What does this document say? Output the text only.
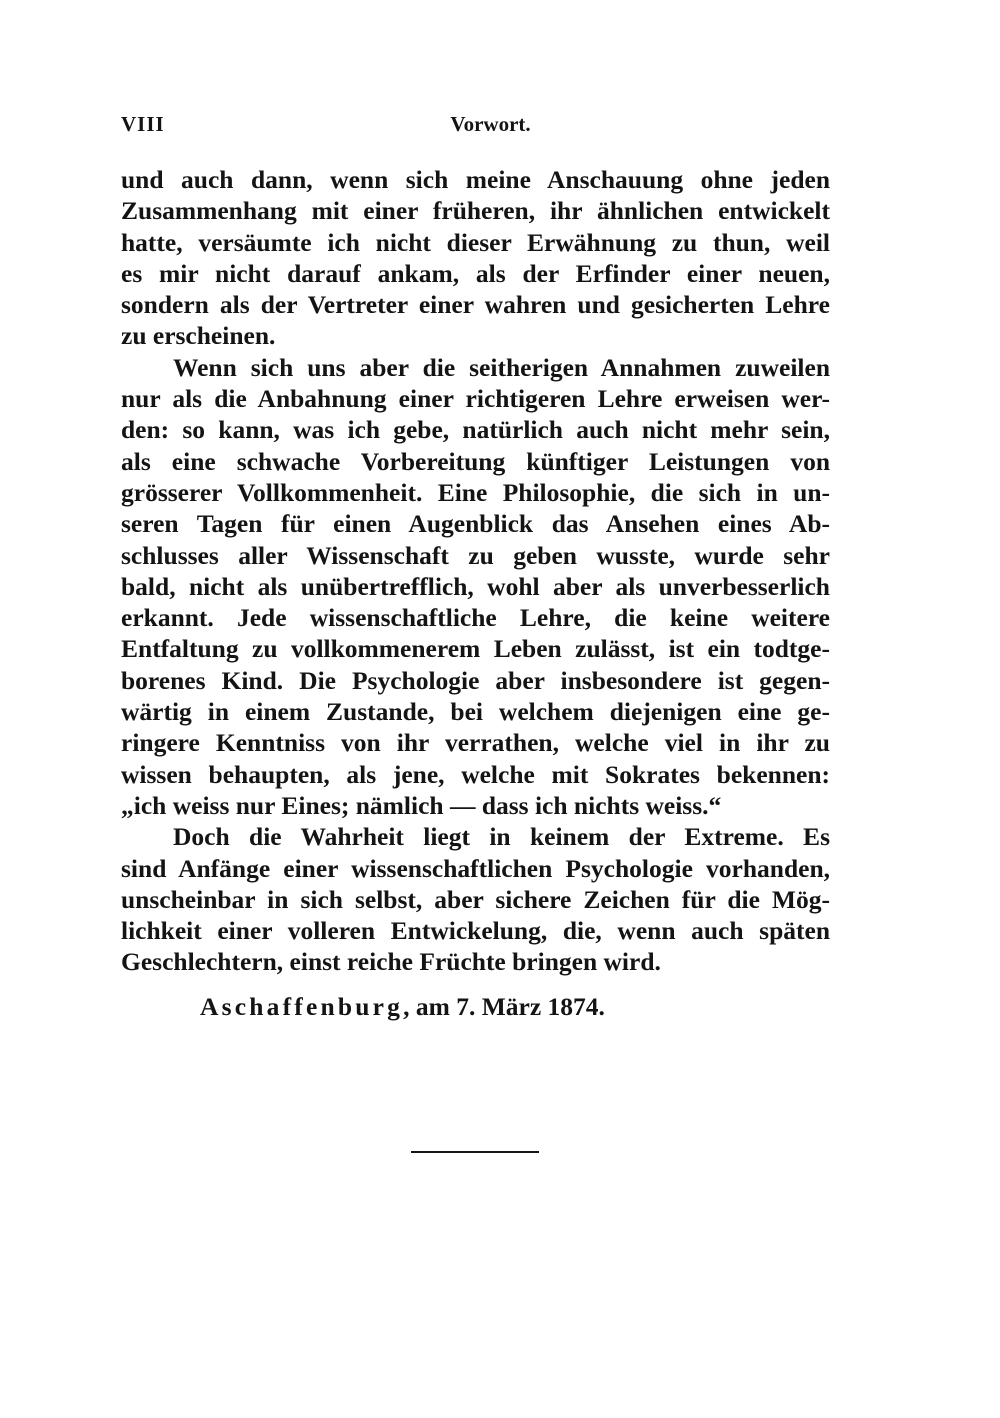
VIII	Vorwort.
und auch dann, wenn sich meine Anschauung ohne jeden
Zusammenhang mit einer früheren, ihr ähnlichen entwickelt
hatte, versäumte ich nicht dieser Erwähnung zu thun, weil
es mir nicht darauf ankam, als der Erfinder einer neuen,
sondern als der Vertreter einer wahren und gesicherten Lehre
zu erscheinen.
Wenn sich uns aber die seitherigen Annahmen zuweilen
nur als die Anbahnung einer richtigeren Lehre erweisen wer-
den: so kann, was ich gebe, natürlich auch nicht mehr sein,
als eine schwache Vorbereitung künftiger Leistungen von
grösserer Vollkommenheit. Eine Philosophie, die sich in un-
seren Tagen für einen Augenblick das Ansehen eines Ab-
schlusses aller Wissenschaft zu geben wusste, wurde sehr
bald, nicht als unübertrefflich, wohl aber als unverbesserlich
erkannt. Jede wissenschaftliche Lehre, die keine weitere
Entfaltung zu vollkommenerem Leben zulässt, ist ein todtge-
borenes Kind. Die Psychologie aber insbesondere ist gegen-
wärtig in einem Zustande, bei welchem diejenigen eine ge-
ringere Kenntniss von ihr verrathen, welche viel in ihr zu
wissen behaupten, als jene, welche mit Sokrates bekennen:
„ich weiss nur Eines; nämlich — dass ich nichts weiss.“
Doch die Wahrheit liegt in keinem der Extreme. Es
sind Anfänge einer wissenschaftlichen Psychologie vorhanden,
unscheinbar in sich selbst, aber sichere Zeichen für die Mög-
lichkeit einer volleren Entwickelung, die, wenn auch späten
Geschlechtern, einst reiche Früchte bringen wird.
Aschaffenburg, am 7. März 1874.
